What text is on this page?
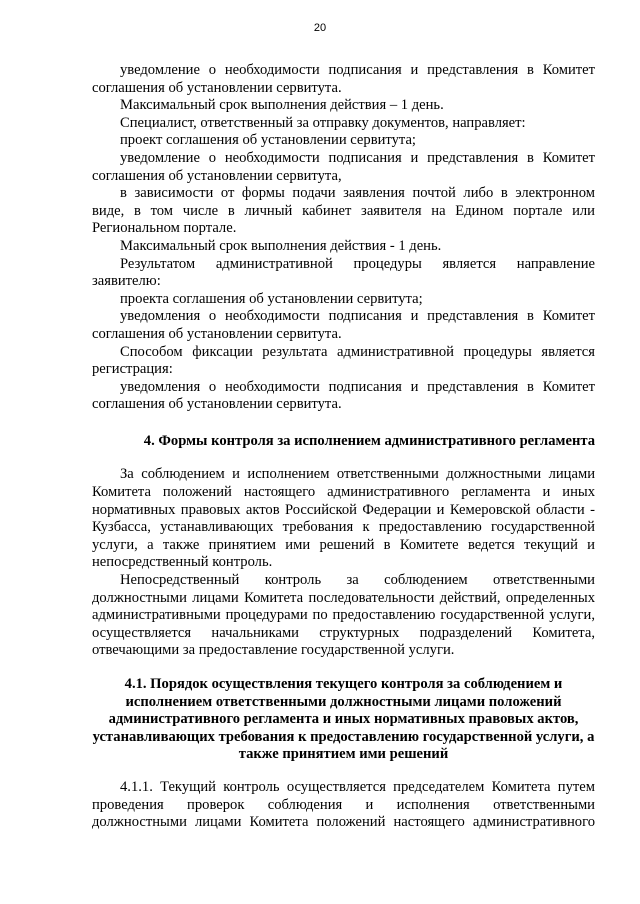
20

уведомление о необходимости подписания и представления в Комитет соглашения об установлении сервитута.

Максимальный срок выполнения действия – 1 день.

Специалист, ответственный за отправку документов, направляет:

проект соглашения об установлении сервитута;

уведомление о необходимости подписания и представления в Комитет соглашения об установлении сервитута,

в зависимости от формы подачи заявления почтой либо в электронном виде, в том числе в личный кабинет заявителя на Едином портале или Региональном портале.

Максимальный срок выполнения действия - 1 день.

Результатом административной процедуры является направление заявителю:

проекта соглашения об установлении сервитута;

уведомления о необходимости подписания и представления в Комитет соглашения об установлении сервитута.

Способом фиксации результата административной процедуры является регистрация:

уведомления о необходимости подписания и представления в Комитет соглашения об установлении сервитута.

4. Формы контроля за исполнением административного регламента

За соблюдением и исполнением ответственными должностными лицами Комитета положений настоящего административного регламента и иных нормативных правовых актов Российской Федерации и Кемеровской области - Кузбасса, устанавливающих требования к предоставлению государственной услуги, а также принятием ими решений в Комитете ведется текущий и непосредственный контроль.

Непосредственный контроль за соблюдением ответственными должностными лицами Комитета последовательности действий, определенных административными процедурами по предоставлению государственной услуги, осуществляется начальниками структурных подразделений Комитета, отвечающими за предоставление государственной услуги.

4.1. Порядок осуществления текущего контроля за соблюдением и исполнением ответственными должностными лицами положений административного регламента и иных нормативных правовых актов, устанавливающих требования к предоставлению государственной услуги, а также принятием ими решений

4.1.1. Текущий контроль осуществляется председателем Комитета путем проведения проверок соблюдения и исполнения ответственными должностными лицами Комитета положений настоящего административного
